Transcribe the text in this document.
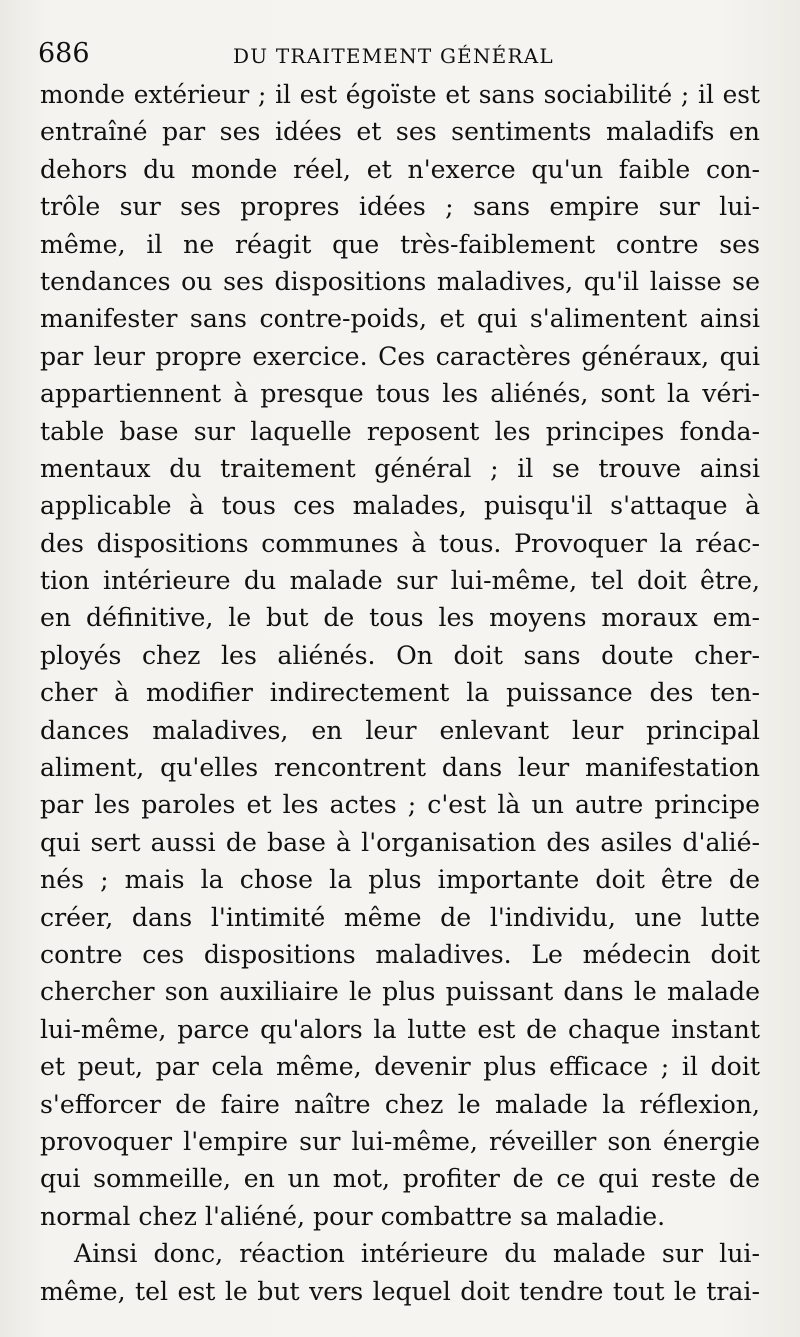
686	DU TRAITEMENT GÉNÉRAL
monde extérieur ; il est égoïste et sans sociabilité ; il est
entraîné par ses idées et ses sentiments maladifs en
dehors du monde réel, et n'exerce qu'un faible con-
trôle sur ses propres idées ; sans empire sur lui-
même, il ne réagit que très-faiblement contre ses
tendances ou ses dispositions maladives, qu'il laisse se
manifester sans contre-poids, et qui s'alimentent ainsi
par leur propre exercice. Ces caractères généraux, qui
appartiennent à presque tous les aliénés, sont la véri-
table base sur laquelle reposent les principes fonda-
mentaux du traitement général ; il se trouve ainsi
applicable à tous ces malades, puisqu'il s'attaque à
des dispositions communes à tous. Provoquer la réac-
tion intérieure du malade sur lui-même, tel doit être,
en définitive, le but de tous les moyens moraux em-
ployés chez les aliénés. On doit sans doute cher-
cher à modifier indirectement la puissance des ten-
dances maladives, en leur enlevant leur principal
aliment, qu'elles rencontrent dans leur manifestation
par les paroles et les actes ; c'est là un autre principe
qui sert aussi de base à l'organisation des asiles d'alié-
nés ; mais la chose la plus importante doit être de
créer, dans l'intimité même de l'individu, une lutte
contre ces dispositions maladives. Le médecin doit
chercher son auxiliaire le plus puissant dans le malade
lui-même, parce qu'alors la lutte est de chaque instant
et peut, par cela même, devenir plus efficace ; il doit
s'efforcer de faire naître chez le malade la réflexion,
provoquer l'empire sur lui-même, réveiller son énergie
qui sommeille, en un mot, profiter de ce qui reste de
normal chez l'aliéné, pour combattre sa maladie.
Ainsi donc, réaction intérieure du malade sur lui-
même, tel est le but vers lequel doit tendre tout le trai-
